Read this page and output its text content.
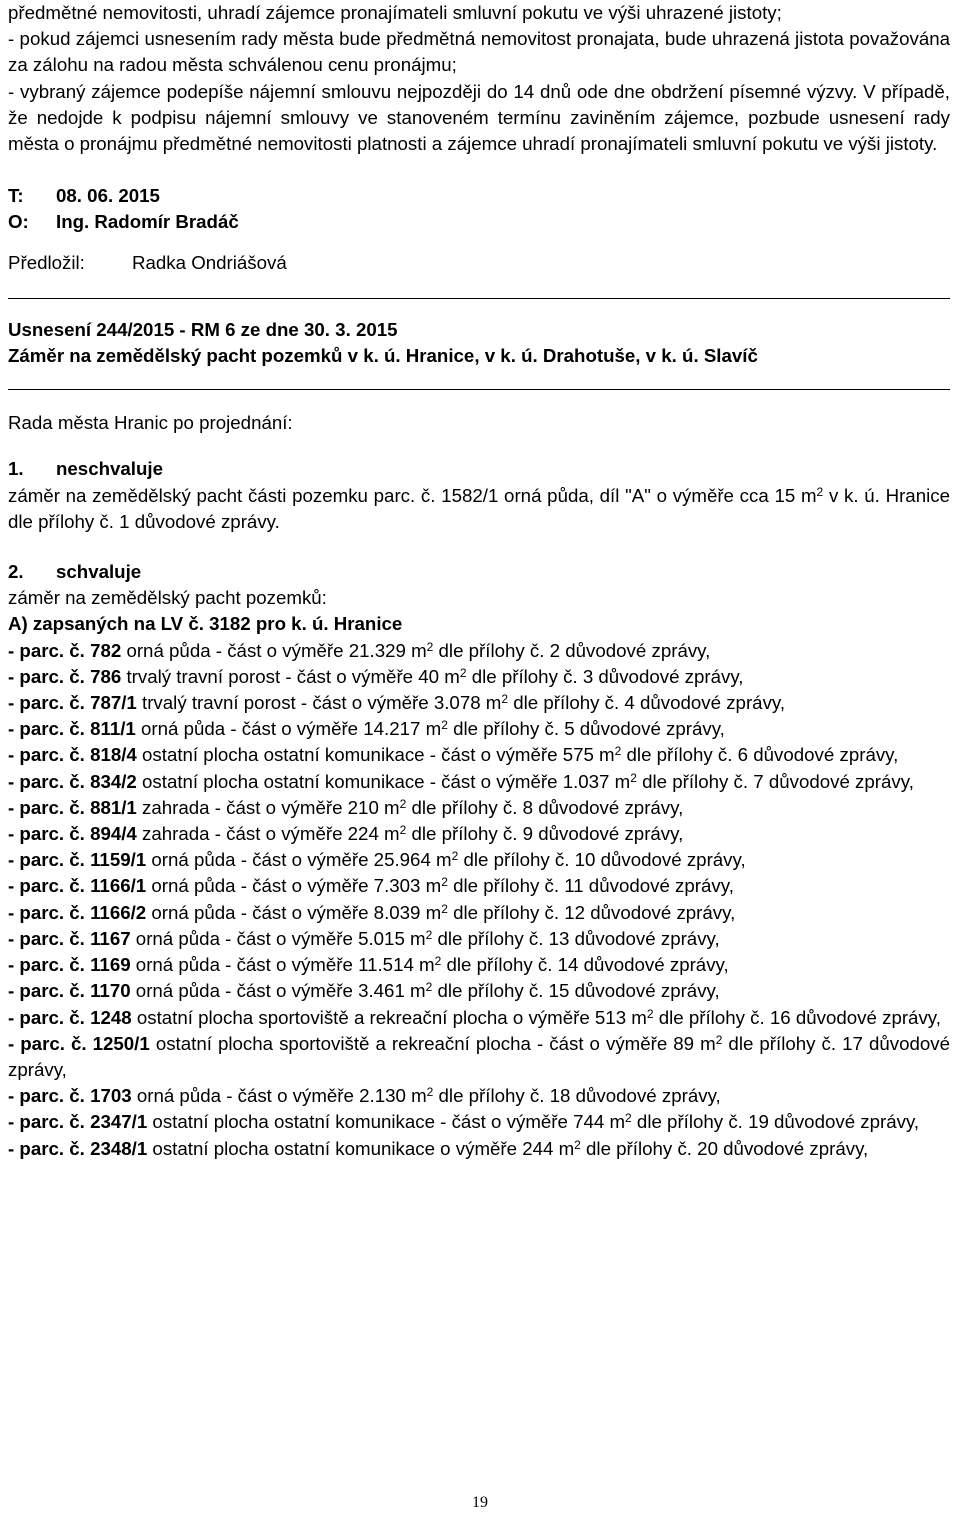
předmětné nemovitosti, uhradí zájemce pronajímateli smluvní pokutu ve výši uhrazené jistoty;

- pokud zájemci usnesením rady města bude předmětná nemovitost pronajata, bude uhrazená jistota považována za zálohu na radou města schválenou cenu pronájmu;

- vybraný zájemce podepíše nájemní smlouvu nejpozději do 14 dnů ode dne obdržení písemné výzvy. V případě, že nedojde k podpisu nájemní smlouvy ve stanoveném termínu zaviněním zájemce, pozbude usnesení rady města o pronájmu předmětné nemovitosti platnosti a zájemce uhradí pronajímateli smluvní pokutu ve výši jistoty.

T: 08. 06. 2015

O: Ing. Radomír Bradáč

Předložil:	Radka Ondriášová

Usnesení 244/2015 - RM 6 ze dne 30. 3. 2015

Záměr na zemědělský pacht pozemků v k. ú. Hranice, v k. ú. Drahotuše, v k. ú. Slavíč

Rada města Hranic po projednání:

1. neschvaluje

záměr na zemědělský pacht části pozemku parc. č. 1582/1 orná půda, díl "A" o výměře cca 15 $m^2$ v k. ú. Hranice dle přílohy č. 1 důvodové zprávy.

2. schvaluje

záměr na zemědělský pacht pozemků:

A) zapsaných na LV č. 3182 pro k. ú. Hranice

- parc. č. 782 orná půda - část o výměře 21.329 $m^2$ dle přílohy č. 2 důvodové zprávy,

- parc. č. 786 trvalý travní porost - část o výměře 40 $m^2$ dle přílohy č. 3 důvodové zprávy,

- parc. č. 787/1 trvalý travní porost - část o výměře 3.078 $m^2$ dle přílohy č. 4 důvodové zprávy,

- parc. č. 811/1 orná půda - část o výměře 14.217 $m^2$ dle přílohy č. 5 důvodové zprávy,

- parc. č. 818/4 ostatní plocha ostatní komunikace - část o výměře 575 $m^2$ dle přílohy č. 6 důvodové zprávy,

- parc. č. 834/2 ostatní plocha ostatní komunikace - část o výměře 1.037 $m^2$ dle přílohy č. 7 důvodové zprávy,

- parc. č. 881/1 zahrada - část o výměře 210 $m^2$ dle přílohy č. 8 důvodové zprávy,

- parc. č. 894/4 zahrada - část o výměře 224 $m^2$ dle přílohy č. 9 důvodové zprávy,

- parc. č. 1159/1 orná půda - část o výměře 25.964 $m^2$ dle přílohy č. 10 důvodové zprávy,

- parc. č. 1166/1 orná půda - část o výměře 7.303 $m^2$ dle přílohy č. 11 důvodové zprávy,

- parc. č. 1166/2 orná půda - část o výměře 8.039 $m^2$ dle přílohy č. 12 důvodové zprávy,

- parc. č. 1167 orná půda - část o výměře 5.015 $m^2$ dle přílohy č. 13 důvodové zprávy,

- parc. č. 1169 orná půda - část o výměře 11.514 $m^2$ dle přílohy č. 14 důvodové zprávy,

- parc. č. 1170 orná půda - část o výměře 3.461 $m^2$ dle přílohy č. 15 důvodové zprávy,

- parc. č. 1248 ostatní plocha sportoviště a rekreační plocha o výměře 513 $m^2$ dle přílohy č. 16 důvodové zprávy,

- parc. č. 1250/1 ostatní plocha sportoviště a rekreační plocha - část o výměře 89 $m^2$ dle přílohy č. 17 důvodové zprávy,

- parc. č. 1703 orná půda - část o výměře 2.130 $m^2$ dle přílohy č. 18 důvodové zprávy,

- parc. č. 2347/1 ostatní plocha ostatní komunikace - část o výměře 744 $m^2$ dle přílohy č. 19 důvodové zprávy,

- parc. č. 2348/1 ostatní plocha ostatní komunikace o výměře 244 $m^2$ dle přílohy č. 20 důvodové zprávy,

19
